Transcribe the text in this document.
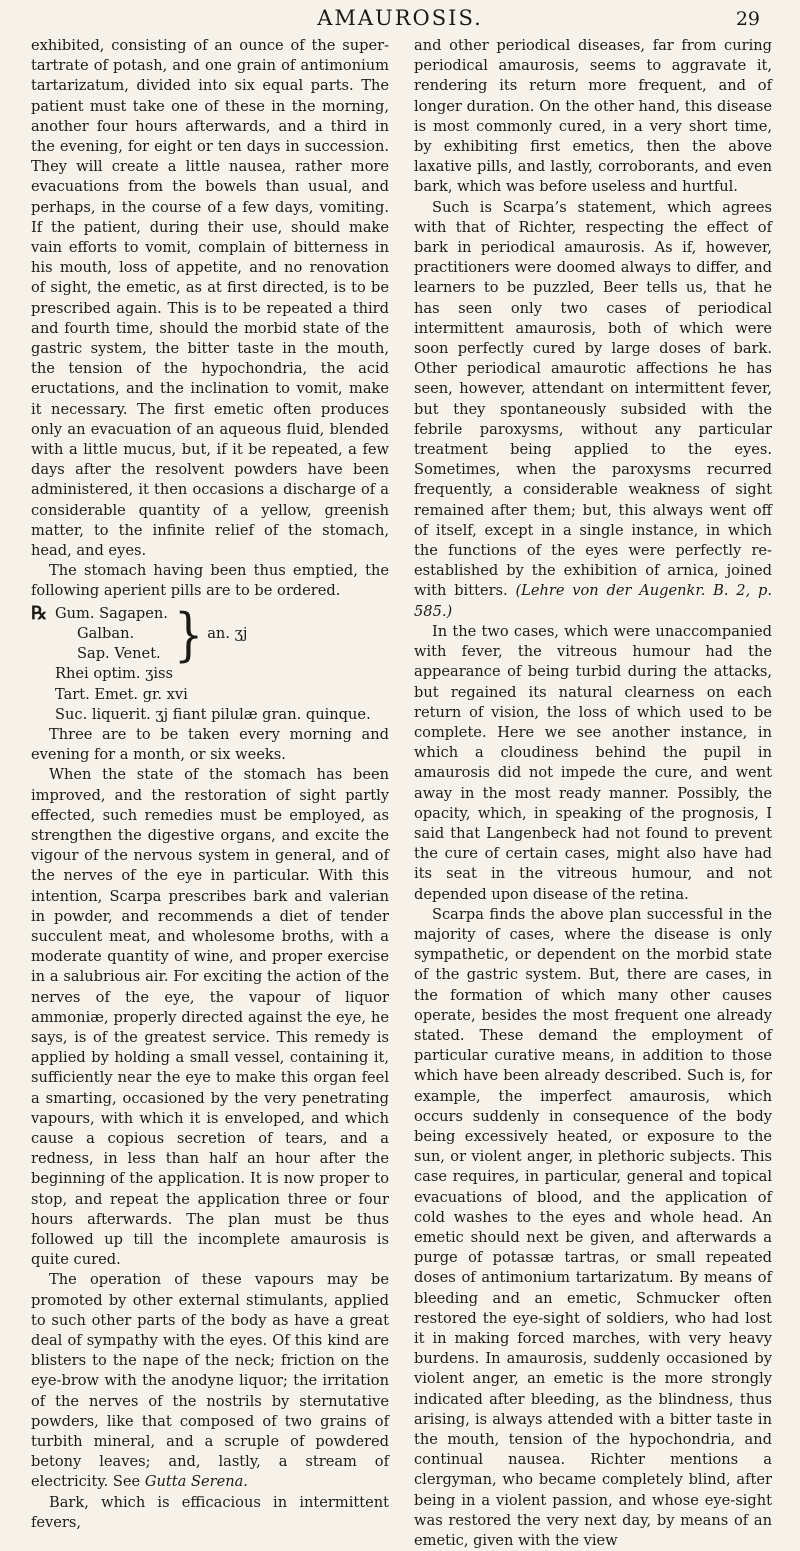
AMAUROSIS.	29

exhibited, consisting of an ounce of the super-tartrate of potash, and one grain of antimonium tartarizatum, divided into six equal parts. The patient must take one of these in the morning, another four hours afterwards, and a third in the evening, for eight or ten days in succession. They will create a little nausea, rather more evacuations from the bowels than usual, and perhaps, in the course of a few days, vomiting. If the patient, during their use, should make vain efforts to vomit, complain of bitterness in his mouth, loss of appetite, and no renovation of sight, the emetic, as at first directed, is to be prescribed again. This is to be repeated a third and fourth time, should the morbid state of the gastric system, the bitter taste in the mouth, the tension of the hypochondria, the acid eructations, and the inclination to vomit, make it necessary. The first emetic often produces only an evacuation of an aqueous fluid, blended with a little mucus, but, if it be repeated, a few days after the resolvent powders have been administered, it then occasions a discharge of a considerable quantity of a yellow, greenish matter, to the infinite relief of the stomach, head, and eyes.

The stomach having been thus emptied, the following aperient pills are to be ordered.

℞ Gum. Sagapen.
Galban.
Sap. Venet. } an. ʒj
Rhei optim. ʒiss
Tart. Emet. gr. xvi
Suc. liquerit. ʒj fiant pilulæ gran. quinque.

Three are to be taken every morning and evening for a month, or six weeks.

When the state of the stomach has been improved, and the restoration of sight partly effected, such remedies must be employed, as strengthen the digestive organs, and excite the vigour of the nervous system in general, and of the nerves of the eye in particular. With this intention, Scarpa prescribes bark and valerian in powder, and recommends a diet of tender succulent meat, and wholesome broths, with a moderate quantity of wine, and proper exercise in a salubrious air. For exciting the action of the nerves of the eye, the vapour of liquor ammoniæ, properly directed against the eye, he says, is of the greatest service. This remedy is applied by holding a small vessel, containing it, sufficiently near the eye to make this organ feel a smarting, occasioned by the very penetrating vapours, with which it is enveloped, and which cause a copious secretion of tears, and a redness, in less than half an hour after the beginning of the application. It is now proper to stop, and repeat the application three or four hours afterwards. The plan must be thus followed up till the incomplete amaurosis is quite cured.

The operation of these vapours may be promoted by other external stimulants, applied to such other parts of the body as have a great deal of sympathy with the eyes. Of this kind are blisters to the nape of the neck; friction on the eye-brow with the anodyne liquor; the irritation of the nerves of the nostrils by sternutative powders, like that composed of two grains of turbith mineral, and a scruple of powdered betony leaves; and, lastly, a stream of electricity. See Gutta Serena.

Bark, which is efficacious in intermittent fevers,

and other periodical diseases, far from curing periodical amaurosis, seems to aggravate it, rendering its return more frequent, and of longer duration. On the other hand, this disease is most commonly cured, in a very short time, by exhibiting first emetics, then the above laxative pills, and lastly, corroborants, and even bark, which was before useless and hurtful.

Such is Scarpa’s statement, which agrees with that of Richter, respecting the effect of bark in periodical amaurosis. As if, however, practitioners were doomed always to differ, and learners to be puzzled, Beer tells us, that he has seen only two cases of periodical intermittent amaurosis, both of which were soon perfectly cured by large doses of bark. Other periodical amaurotic affections he has seen, however, attendant on intermittent fever, but they spontaneously subsided with the febrile paroxysms, without any particular treatment being applied to the eyes. Sometimes, when the paroxysms recurred frequently, a considerable weakness of sight remained after them; but, this always went off of itself, except in a single instance, in which the functions of the eyes were perfectly re-established by the exhibition of arnica, joined with bitters. (Lehre von der Augenkr. B. 2, p. 585.)

In the two cases, which were unaccompanied with fever, the vitreous humour had the appearance of being turbid during the attacks, but regained its natural clearness on each return of vision, the loss of which used to be complete. Here we see another instance, in which a cloudiness behind the pupil in amaurosis did not impede the cure, and went away in the most ready manner. Possibly, the opacity, which, in speaking of the prognosis, I said that Langenbeck had not found to prevent the cure of certain cases, might also have had its seat in the vitreous humour, and not depended upon disease of the retina.

Scarpa finds the above plan successful in the majority of cases, where the disease is only sympathetic, or dependent on the morbid state of the gastric system. But, there are cases, in the formation of which many other causes operate, besides the most frequent one already stated. These demand the employment of particular curative means, in addition to those which have been already described. Such is, for example, the imperfect amaurosis, which occurs suddenly in consequence of the body being excessively heated, or exposure to the sun, or violent anger, in plethoric subjects. This case requires, in particular, general and topical evacuations of blood, and the application of cold washes to the eyes and whole head. An emetic should next be given, and afterwards a purge of potassæ tartras, or small repeated doses of antimonium tartarizatum. By means of bleeding and an emetic, Schmucker often restored the eye-sight of soldiers, who had lost it in making forced marches, with very heavy burdens. In amaurosis, suddenly occasioned by violent anger, an emetic is the more strongly indicated after bleeding, as the blindness, thus arising, is always attended with a bitter taste in the mouth, tension of the hypochondria, and continual nausea. Richter mentions a clergyman, who became completely blind, after being in a violent passion, and whose eye-sight was restored the very next day, by means of an emetic, given with the view
